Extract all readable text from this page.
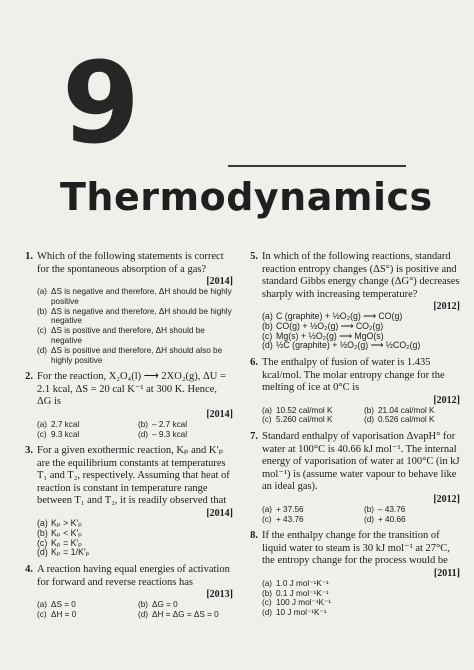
9
Thermodynamics
1. Which of the following statements is correct for the spontaneous absorption of a gas?
[2014]
(a) ΔS is negative and therefore, ΔH should be highly positive
(b) ΔS is negative and therefore, ΔH should be highly negative
(c) ΔS is positive and therefore, ΔH should be negative
(d) ΔS is positive and therefore, ΔH should also be highly positive
2. For the reaction, X₂O₄(l) ⟶ 2XO₂(g), ΔU = 2.1 kcal, ΔS = 20 cal K⁻¹ at 300 K. Hence, ΔG is
[2014]
(a) 2.7 kcal	(b) – 2.7 kcal
(c) 9.3 kcal	(d) – 9.3 kcal
3. For a given exothermic reaction, Kₚ and K′ₚ are the equilibrium constants at temperatures T₁ and T₂, respectively. Assuming that heat of reaction is constant in temperature range between T₁ and T₂, it is readily observed that
[2014]
(a) Kₚ > K′ₚ
(b) Kₚ < K′ₚ
(c) Kₚ = K′ₚ
(d) Kₚ = 1/K′ₚ
4. A reaction having equal energies of activation for forward and reverse reactions has
[2013]
(a) ΔS = 0	(b) ΔG = 0
(c) ΔH = 0	(d) ΔH = ΔG = ΔS = 0
5. In which of the following reactions, standard reaction entropy changes (ΔS°) is positive and standard Gibbs energy change (ΔG°) decreases sharply with increasing temperature?
[2012]
(a) C (graphite) + ½O₂(g) ⟶ CO(g)
(b) CO(g) + ½O₂(g) ⟶ CO₂(g)
(c) Mg(s) + ½O₂(g) ⟶ MgO(s)
(d) ½C (graphite) + ½O₂(g) ⟶ ½CO₂(g)
6. The enthalpy of fusion of water is 1.435 kcal/mol. The molar entropy change for the melting of ice at 0°C is
[2012]
(a) 10.52 cal/mol K	(b) 21.04 cal/mol K
(c) 5.260 cal/mol K	(d) 0.526 cal/mol K
7. Standard enthalpy of vaporisation ΔvapH° for water at 100°C is 40.66 kJ mol⁻¹. The internal energy of vaporisation of water at 100°C (in kJ mol⁻¹) is (assume water vapour to behave like an ideal gas).
[2012]
(a) + 37.56	(b) – 43.76
(c) + 43.76	(d) + 40.66
8. If the enthalpy change for the transition of liquid water to steam is 30 kJ mol⁻¹ at 27°C, the entropy change for the process would be
[2011]
(a) 1.0 J mol⁻¹K⁻¹
(b) 0.1 J mol⁻¹K⁻¹
(c) 100 J mol⁻¹K⁻¹
(d) 10 J mol⁻¹K⁻¹
